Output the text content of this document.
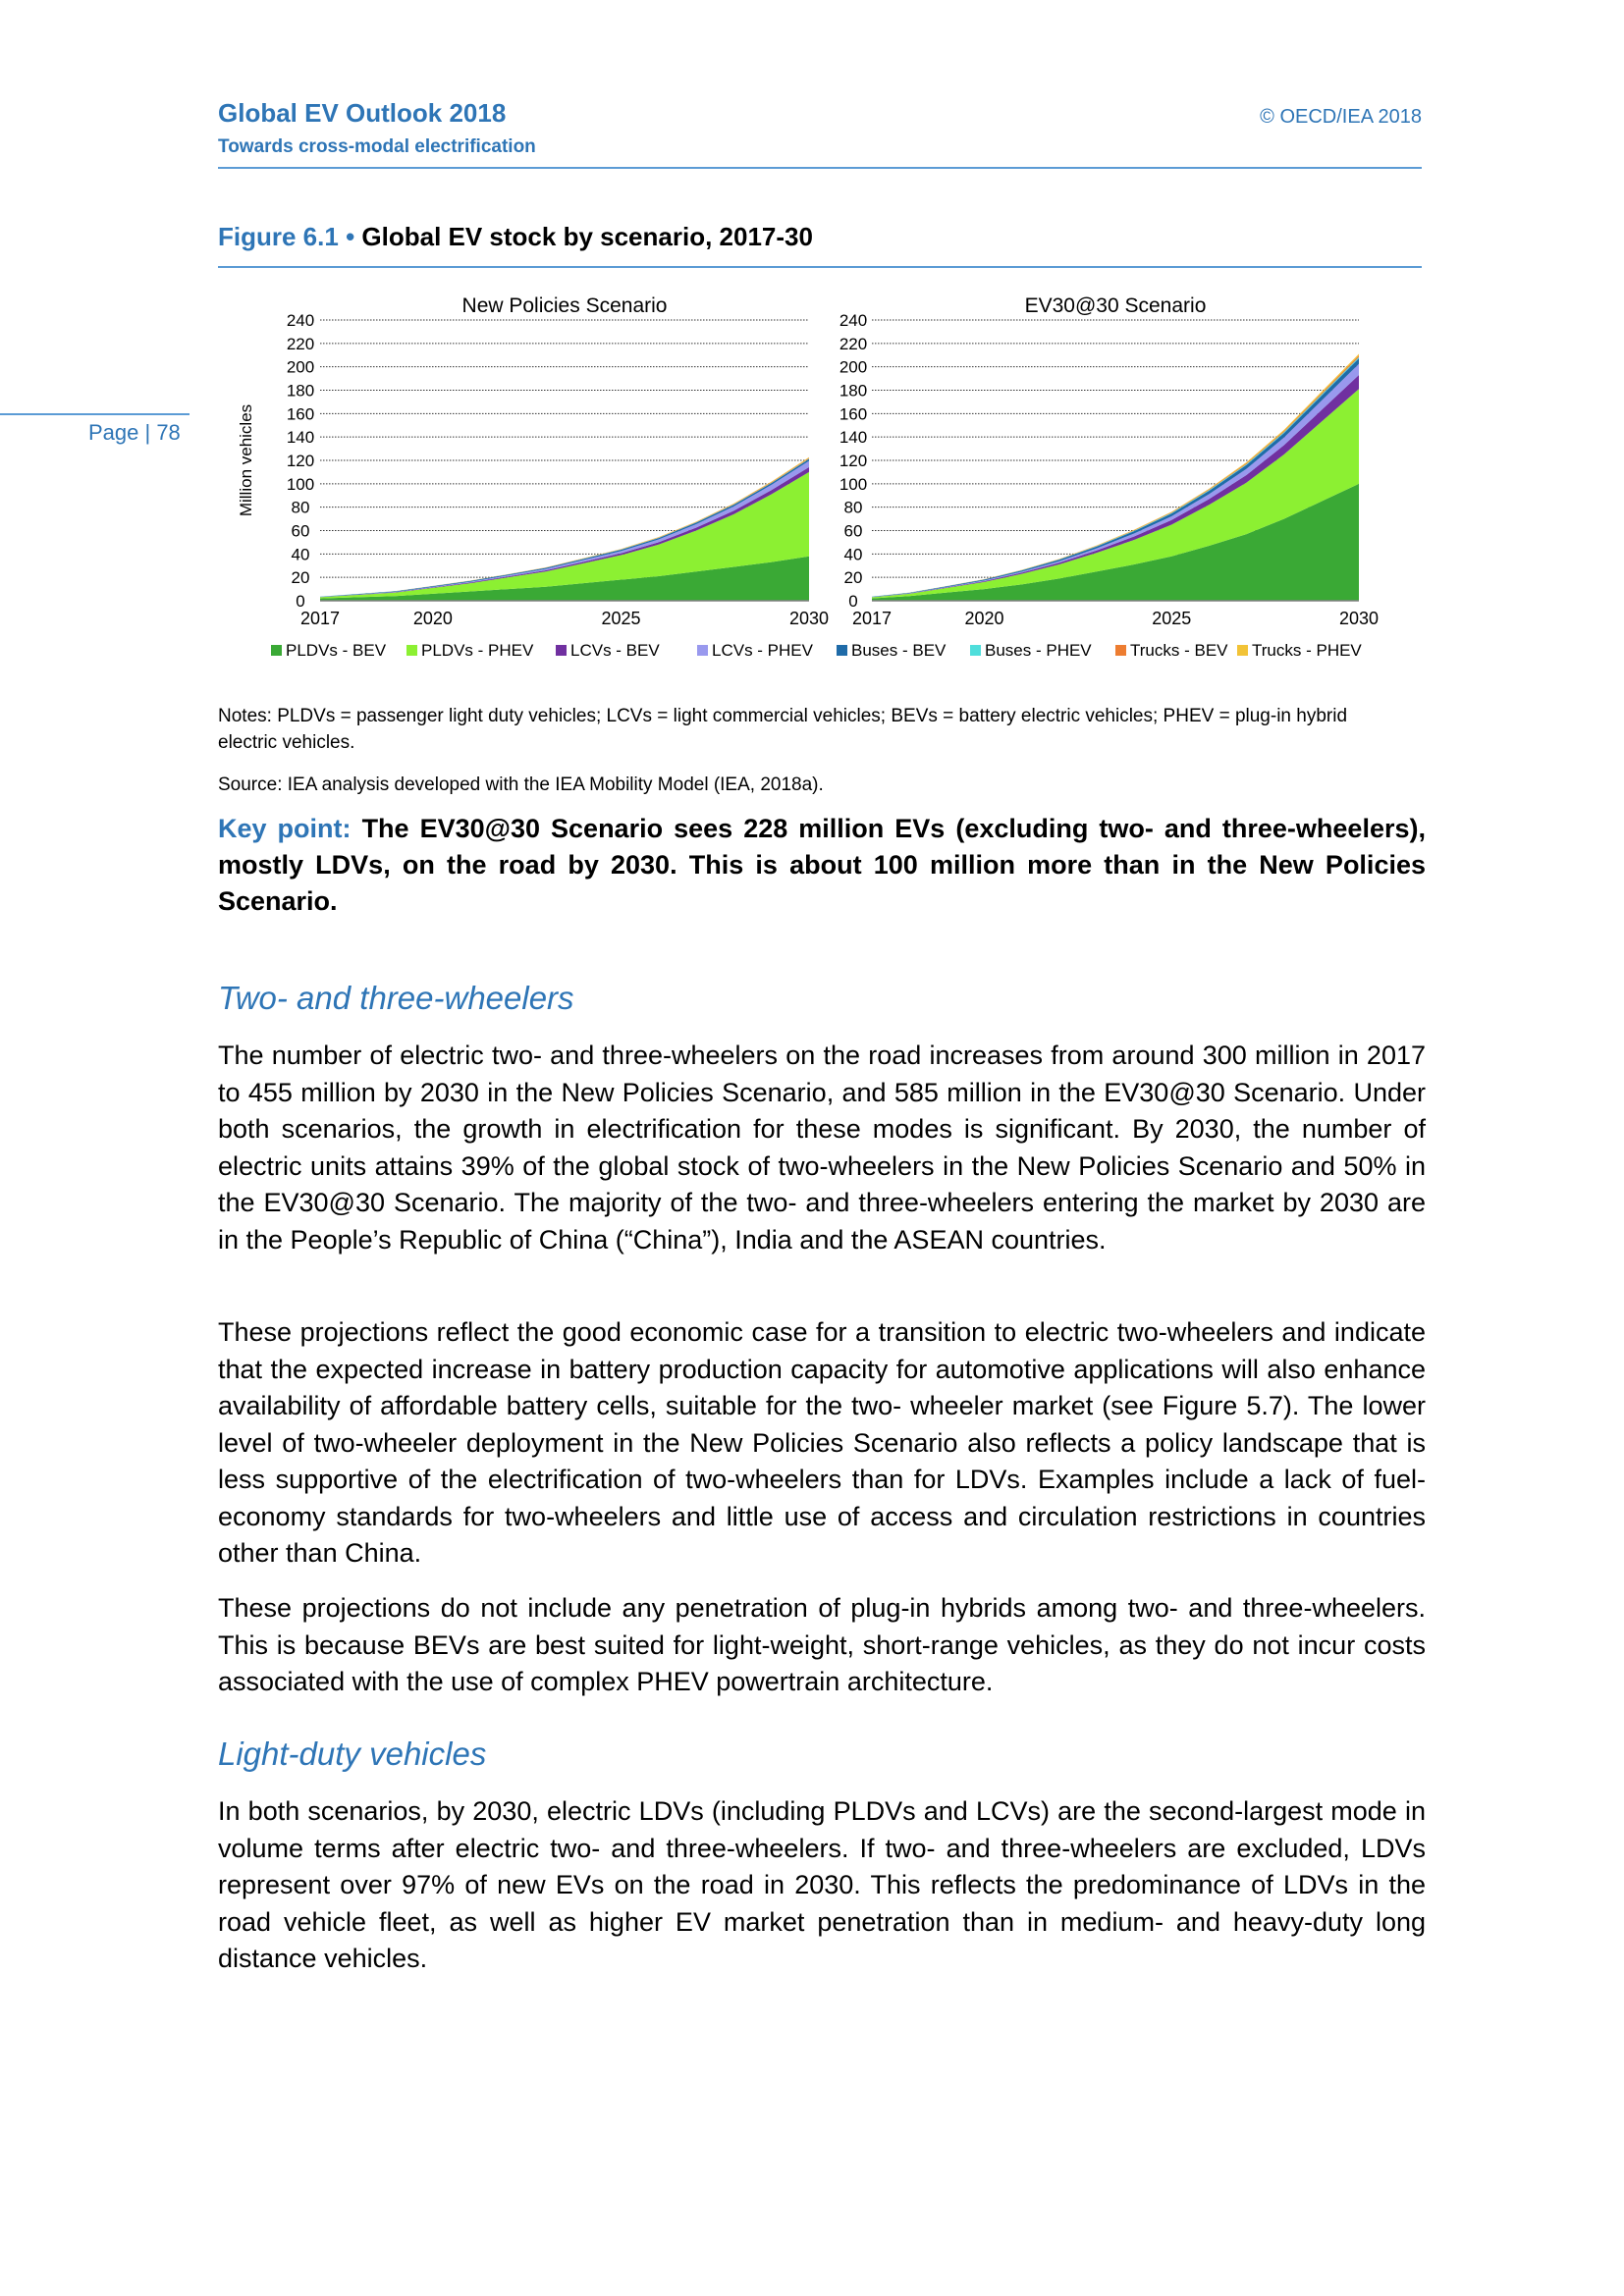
Global EV Outlook 2018
Towards cross-modal electrification
© OECD/IEA 2018
Page | 78
Figure 6.1 • Global EV stock by scenario, 2017-30
Million vehicles
0
20
40
60
80
100
120
140
160
180
200
220
240
2017	2020	2025	2030
New Policies Scenario
0
20
40
60
80
100
120
140
160
180
200
220
240
2017	2020	2025	2030
EV30@30 Scenario
PLDVs - BEV PLDVs - PHEV LCVs - BEV	LCVs - PHEV Buses - BEV Buses - PHEV Trucks - BEV Trucks - PHEV
Notes: PLDVs = passenger light duty vehicles; LCVs = light commercial vehicles; BEVs = battery electric vehicles; PHEV = plug-in hybrid
electric vehicles.
Source: IEA analysis developed with the IEA Mobility Model (IEA, 2018a).
Key point: The EV30@30 Scenario sees 228 million EVs (excluding two- and three-wheelers), mostly LDVs, on the road by 2030. This is about 100 million more than in the New Policies Scenario.
Two- and three-wheelers
The number of electric two- and three-wheelers on the road increases from around 300 million in 2017 to 455 million by 2030 in the New Policies Scenario, and 585 million in the EV30@30 Scenario. Under both scenarios, the growth in electrification for these modes is significant. By 2030, the number of electric units attains 39% of the global stock of two-wheelers in the New Policies Scenario and 50% in the EV30@30 Scenario. The majority of the two- and three-wheelers entering the market by 2030 are in the People’s Republic of China (“China”), India and the ASEAN countries.
These projections reflect the good economic case for a transition to electric two-wheelers and indicate that the expected increase in battery production capacity for automotive applications will also enhance availability of affordable battery cells, suitable for the two- wheeler market (see Figure 5.7). The lower level of two-wheeler deployment in the New Policies Scenario also reflects a policy landscape that is less supportive of the electrification of two-wheelers than for LDVs. Examples include a lack of fuel-economy standards for two-wheelers and little use of access and circulation restrictions in countries other than China.
These projections do not include any penetration of plug-in hybrids among two- and three-wheelers. This is because BEVs are best suited for light-weight, short-range vehicles, as they do not incur costs associated with the use of complex PHEV powertrain architecture.
Light-duty vehicles
In both scenarios, by 2030, electric LDVs (including PLDVs and LCVs) are the second-largest mode in volume terms after electric two- and three-wheelers. If two- and three-wheelers are excluded, LDVs represent over 97% of new EVs on the road in 2030. This reflects the predominance of LDVs in the road vehicle fleet, as well as higher EV market penetration than in medium- and heavy-duty long distance vehicles.
